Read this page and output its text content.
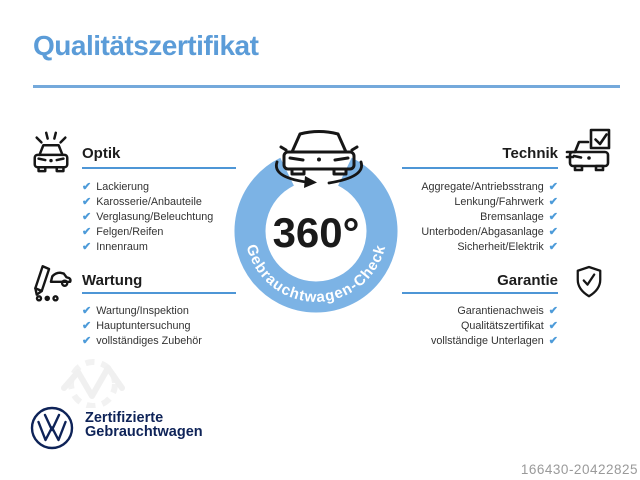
Qualitätszertifikat
Gebrauchtwagen-Check
360°
Optik
✔ Lackierung
✔ Karosserie/Anbauteile
✔ Verglasung/Beleuchtung
✔ Felgen/Reifen
✔ Innenraum
Technik
Aggregate/Antriebsstrang ✔
Lenkung/Fahrwerk ✔
Bremsanlage ✔
Unterboden/Abgasanlage ✔
Sicherheit/Elektrik ✔
Wartung
✔ Wartung/Inspektion
✔ Hauptuntersuchung
✔ vollständiges Zubehör
Garantie
Garantienachweis ✔
Qualitätszertifikat ✔
vollständige Unterlagen ✔
Zertifizierte
Gebrauchtwagen
166430-20422825
